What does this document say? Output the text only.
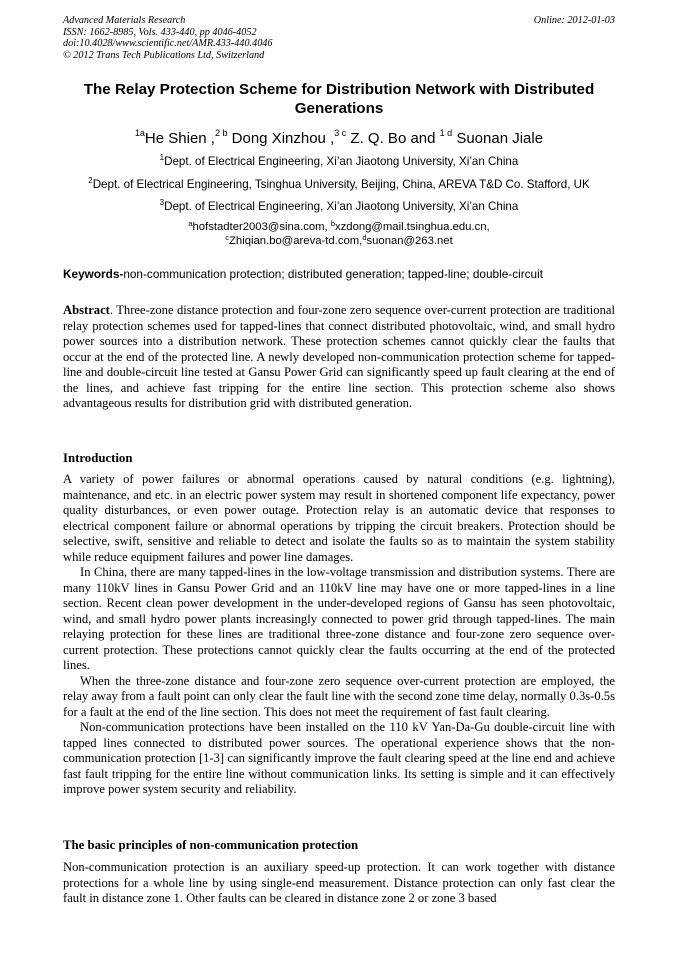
Advanced Materials Research
ISSN: 1662-8985, Vols. 433-440, pp 4046-4052
doi:10.4028/www.scientific.net/AMR.433-440.4046
© 2012 Trans Tech Publications Ltd, Switzerland
Online: 2012-01-03
The Relay Protection Scheme for Distribution Network with Distributed Generations
$^{1a}$He Shien ,$^{2 b}$ Dong Xinzhou ,$^{3 c}$ Z. Q. Bo and $^{1 d}$ Suonan Jiale
$^1$Dept. of Electrical Engineering, Xi’an Jiaotong University, Xi’an China
$^2$Dept. of Electrical Engineering, Tsinghua University, Beijing, China, AREVA T&D Co. Stafford, UK
$^3$Dept. of Electrical Engineering, Xi’an Jiaotong University, Xi’an China
$^a$hofstadter2003@sina.com, $^b$xzdong@mail.tsinghua.edu.cn,
$^c$Zhiqian.bo@areva-td.com,$^d$suonan@263.net
Keywords-non-communication protection; distributed generation; tapped-line; double-circuit

Abstract. Three-zone distance protection and four-zone zero sequence over-current protection are traditional relay protection schemes used for tapped-lines that connect distributed photovoltaic, wind, and small hydro power sources into a distribution network. These protection schemes cannot quickly clear the faults that occur at the end of the protected line. A newly developed non-communication protection scheme for tapped-line and double-circuit line tested at Gansu Power Grid can significantly speed up fault clearing at the end of the lines, and achieve fast tripping for the entire line section. This protection scheme also shows advantageous results for distribution grid with distributed generation.

Introduction

A variety of power failures or abnormal operations caused by natural conditions (e.g. lightning), maintenance, and etc. in an electric power system may result in shortened component life expectancy, power quality disturbances, or even power outage. Protection relay is an automatic device that responses to electrical component failure or abnormal operations by tripping the circuit breakers. Protection should be selective, swift, sensitive and reliable to detect and isolate the faults so as to maintain the system stability while reduce equipment failures and power line damages.

In China, there are many tapped-lines in the low-voltage transmission and distribution systems. There are many 110kV lines in Gansu Power Grid and an 110kV line may have one or more tapped-lines in a line section. Recent clean power development in the under-developed regions of Gansu has seen photovoltaic, wind, and small hydro power plants increasingly connected to power grid through tapped-lines. The main relaying protection for these lines are traditional three-zone distance and four-zone zero sequence over-current protection. These protections cannot quickly clear the faults occurring at the end of the protected lines.

When the three-zone distance and four-zone zero sequence over-current protection are employed, the relay away from a fault point can only clear the fault line with the second zone time delay, normally 0.3s-0.5s for a fault at the end of the line section. This does not meet the requirement of fast fault clearing.

Non-communication protections have been installed on the 110 kV Yan-Da-Gu double-circuit line with tapped lines connected to distributed power sources. The operational experience shows that the non-communication protection [1-3] can significantly improve the fault clearing speed at the line end and achieve fast fault tripping for the entire line without communication links. Its setting is simple and it can effectively improve power system security and reliability.

The basic principles of non-communication protection

Non-communication protection is an auxiliary speed-up protection. It can work together with distance protections for a whole line by using single-end measurement. Distance protection can only fast clear the fault in distance zone 1. Other faults can be cleared in distance zone 2 or zone 3 based
